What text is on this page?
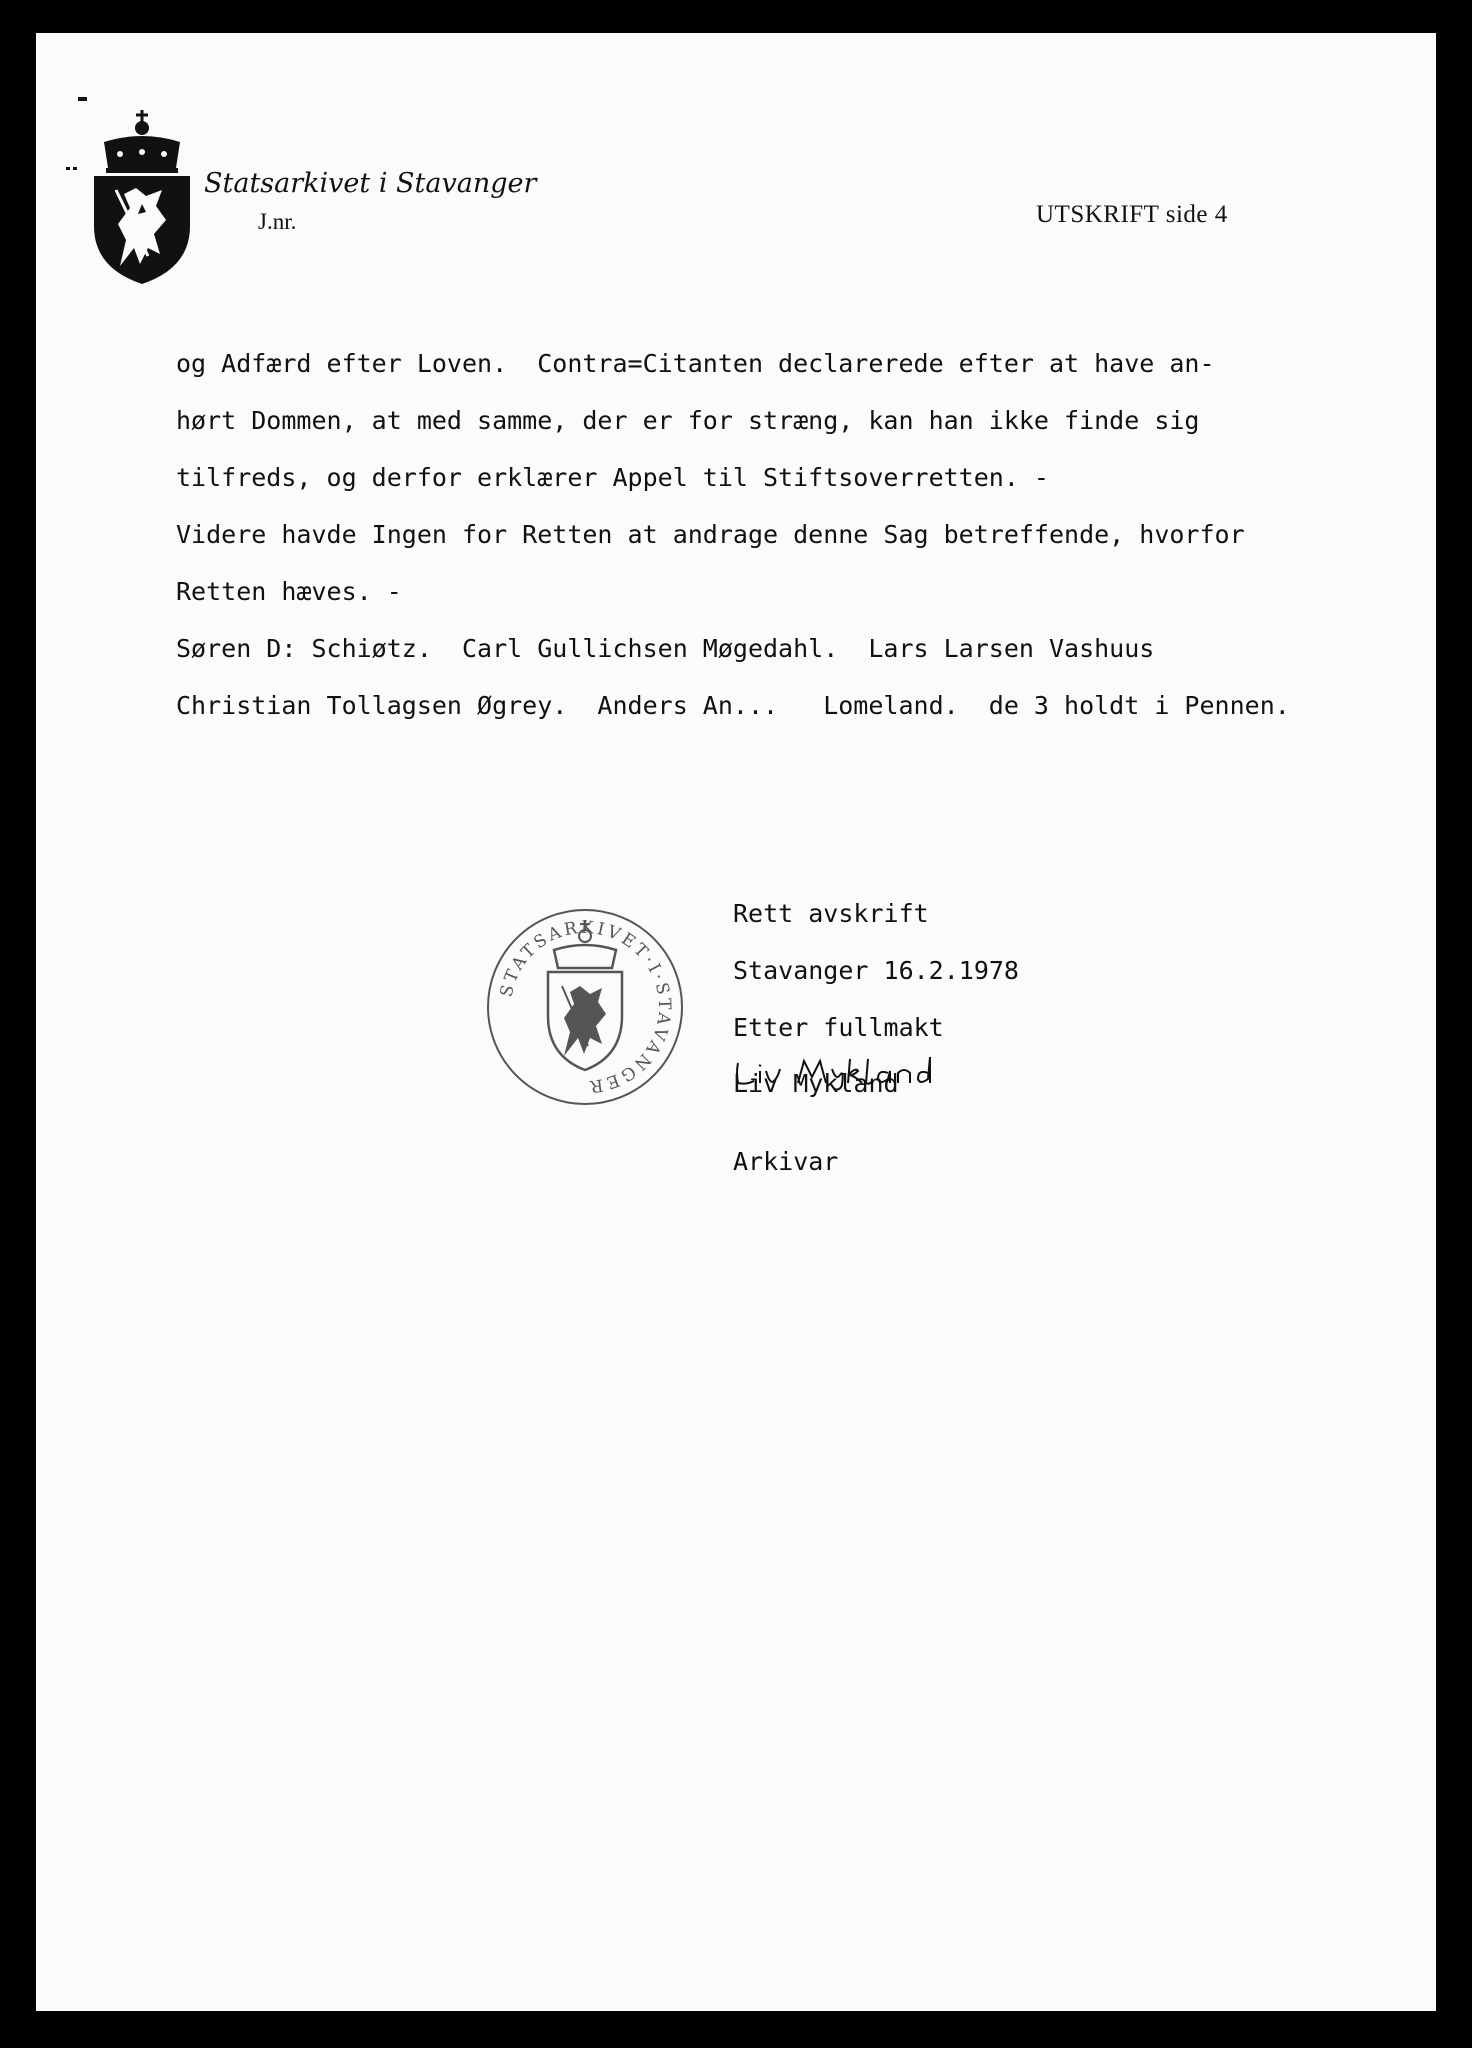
Statsarkivet i Stavanger
J.nr.	UTSKRIFT side 4
og Adfærd efter Loven.  Contra=Citanten declarerede efter at have an-
hørt Dommen, at med samme, der er for stræng, kan han ikke finde sig
tilfreds, og derfor erklærer Appel til Stiftsoverretten. -
Videre havde Ingen for Retten at andrage denne Sag betreffende, hvorfor
Retten hæves. -
Søren D: Schiøtz.  Carl Gullichsen Møgedahl.  Lars Larsen Vashuus
Christian Tollagsen Øgrey.  Anders An...   Lomeland.  de 3 holdt i Pennen.
STATSARKIVET·I·STAVANGER
Rett avskrift
Stavanger 16.2.1978
Etter fullmakt
Liv Mykland
Arkivar
